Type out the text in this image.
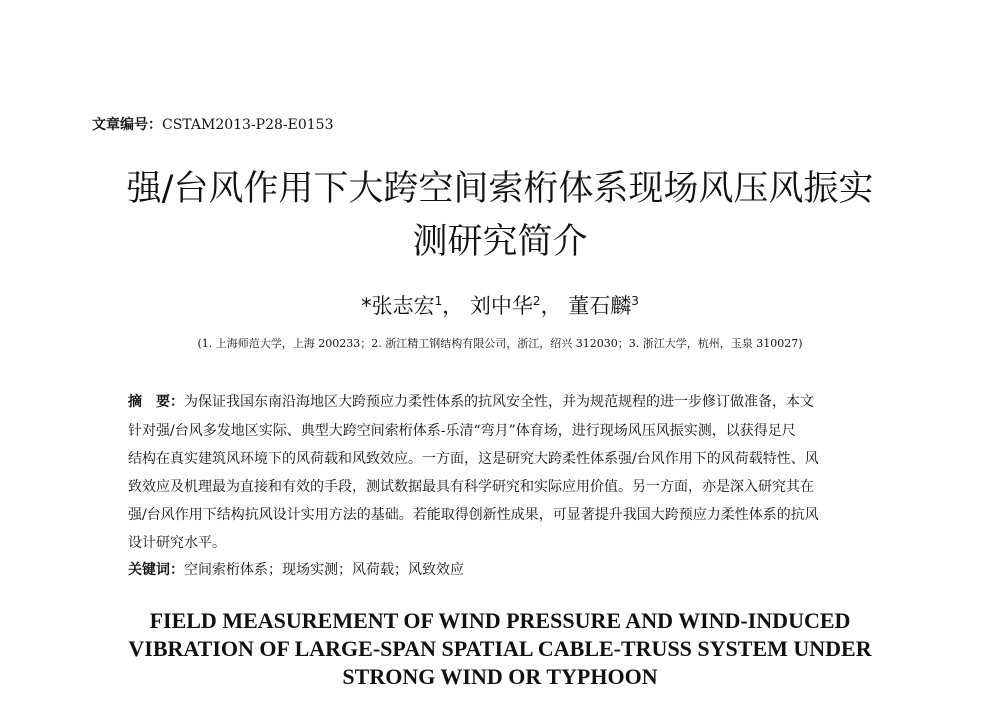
文章编号：CSTAM2013-P28-E0153
强/台风作用下大跨空间索桁体系现场风压风振实
测研究简介
*张志宏$^1$， 刘中华$^2$， 董石麟$^3$
(1. 上海师范大学，上海 200233；2. 浙江精工钢结构有限公司，浙江，绍兴 312030；3. 浙江大学，杭州，玉泉 310027)
摘　要：为保证我国东南沿海地区大跨预应力柔性体系的抗风安全性，并为规范规程的进一步修订做准备，本文
针对强/台风多发地区实际、典型大跨空间索桁体系-乐清“弯月”体育场，进行现场风压风振实测，以获得足尺
结构在真实建筑风环境下的风荷载和风致效应。一方面，这是研究大跨柔性体系强/台风作用下的风荷载特性、风
致效应及机理最为直接和有效的手段，测试数据最具有科学研究和实际应用价值。另一方面，亦是深入研究其在
强/台风作用下结构抗风设计实用方法的基础。若能取得创新性成果，可显著提升我国大跨预应力柔性体系的抗风
设计研究水平。
关键词：空间索桁体系；现场实测；风荷载；风致效应
FIELD MEASUREMENT OF WIND PRESSURE AND WIND-INDUCED
VIBRATION OF LARGE-SPAN SPATIAL CABLE-TRUSS SYSTEM UNDER
STRONG WIND OR TYPHOON
